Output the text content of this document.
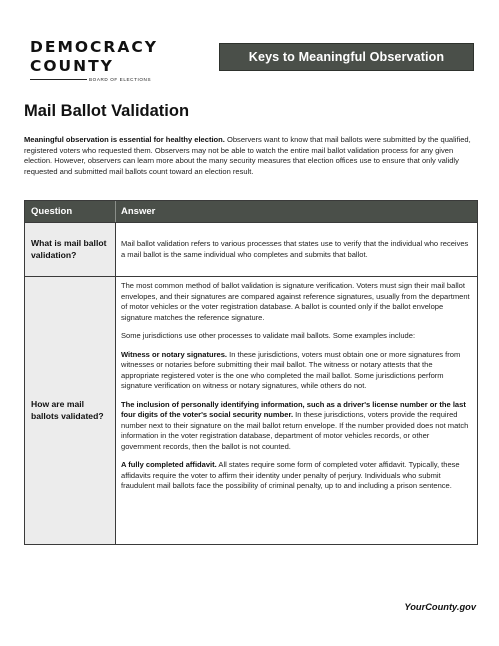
DEMOCRACY
COUNTY
BOARD OF ELECTIONS
Keys to Meaningful Observation
Mail Ballot Validation
Meaningful observation is essential for healthy election. Observers want to know that mail ballots were submitted by the qualified, registered voters who requested them. Observers may not be able to watch the entire mail ballot validation process for any given election. However, observers can learn more about the many security measures that election offices use to ensure that only validly requested and submitted mail ballots count toward an election result.
Question	Answer
What is mail ballot validation?
Mail ballot validation refers to various processes that states use to verify that the individual who receives a mail ballot is the same individual who completes and submits that ballot.
How are mail ballots validated?

The most common method of ballot validation is signature verification. Voters must sign their mail ballot envelopes, and their signatures are compared against reference signatures, usually from the department of motor vehicles or the voter registration database. A ballot is counted only if the ballot envelope signature matches the reference signature.

Some jurisdictions use other processes to validate mail ballots. Some examples include:

Witness or notary signatures. In these jurisdictions, voters must obtain one or more signatures from witnesses or notaries before submitting their mail ballot. The witness or notary attests that the appropriate registered voter is the one who completed the mail ballot. Some jurisdictions perform signature verification on witness or notary signatures, while others do not.

The inclusion of personally identifying information, such as a driver's license number or the last four digits of the voter's social security number. In these jurisdictions, voters provide the required number next to their signature on the mail ballot return envelope. If the number provided does not match information in the voter registration database, department of motor vehicles records, or other government records, then the ballot is not counted.

A fully completed affidavit. All states require some form of completed voter affidavit. Typically, these affidavits require the voter to affirm their identity under penalty of perjury. Individuals who submit fraudulent mail ballots face the possibility of criminal penalty, up to and including a prison sentence.

YourCounty.gov
